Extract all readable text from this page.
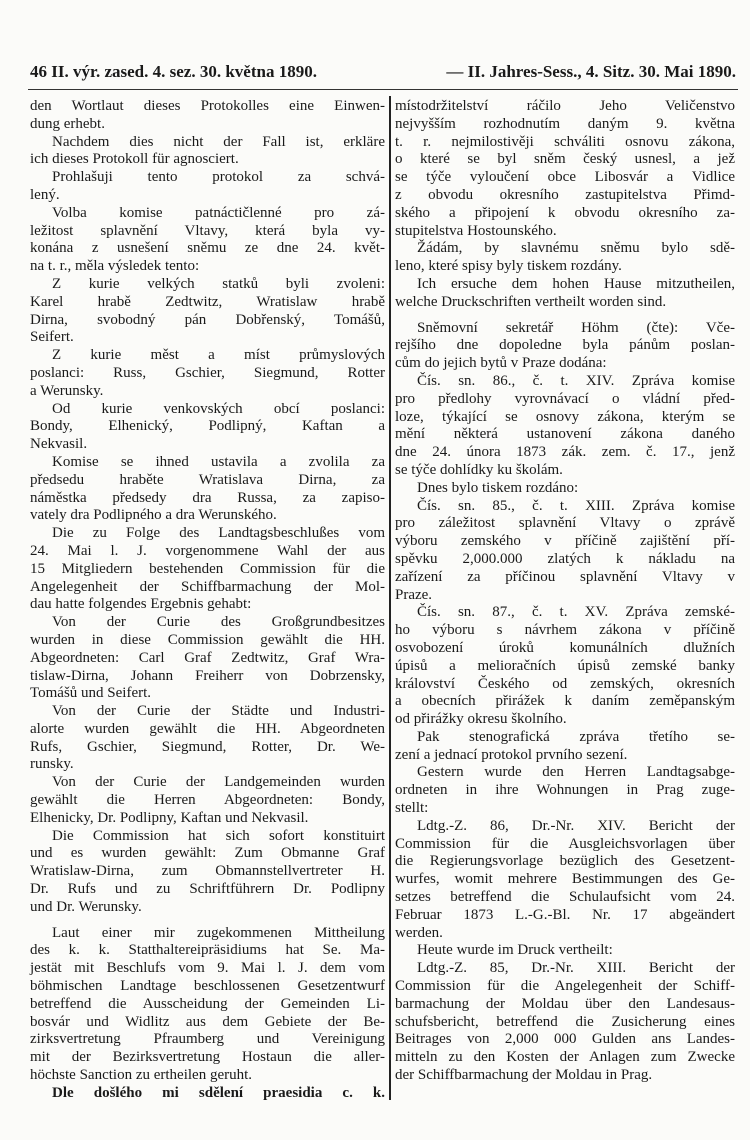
46 II. výr. zased. 4. sez. 30. května 1890.	— II. Jahres-Sess., 4. Sitz. 30. Mai 1890.
den Wortlaut dieses Protokolles eine Einwen-
dung erhebt.
Nachdem dies nicht der Fall ist, erkläre
ich dieses Protokoll für agnosciert.
Prohlašuji tento protokol za schvá-
lený.
Volba komise patnáctičlenné pro zá-
ležitost splavnění Vltavy, která byla vy-
konána z usnešení sněmu ze dne 24. květ-
na t. r., měla výsledek tento:
Z kurie velkých statků byli zvoleni:
Karel hrabě Zedtwitz, Wratislaw hrabě
Dirna, svobodný pán Dobřenský, Tomášů,
Seifert.
Z kurie měst a míst průmyslových
poslanci: Russ, Gschier, Siegmund, Rotter
a Werunsky.
Od kurie venkovských obcí poslanci:
Bondy, Elhenický, Podlipný, Kaftan a
Nekvasil.
Komise se ihned ustavila a zvolila za
předsedu hraběte Wratislava Dirna, za
náměstka předsedy dra Russa, za zapiso-
vately dra Podlipného a dra Werunského.
Die zu Folge des Landtagsbeschlußes vom
24. Mai l. J. vorgenommene Wahl der aus
15 Mitgliedern bestehenden Commission für die
Angelegenheit der Schiffbarmachung der Mol-
dau hatte folgendes Ergebnis gehabt:
Von der Curie des Großgrundbesitzes
wurden in diese Commission gewählt die HH.
Abgeordneten: Carl Graf Zedtwitz, Graf Wra-
tislaw-Dirna, Johann Freiherr von Dobrzensky,
Tomášů und Seifert.
Von der Curie der Städte und Industri-
alorte wurden gewählt die HH. Abgeordneten
Rufs, Gschier, Siegmund, Rotter, Dr. We-
runsky.
Von der Curie der Landgemeinden wurden
gewählt die Herren Abgeordneten: Bondy,
Elhenicky, Dr. Podlipny, Kaftan und Nekvasil.
Die Commission hat sich sofort konstituirt
und es wurden gewählt: Zum Obmanne Graf
Wratislaw-Dirna, zum Obmannstellvertreter H.
Dr. Rufs und zu Schriftführern Dr. Podlipny
und Dr. Werunsky.
Laut einer mir zugekommenen Mittheilung
des k. k. Statthaltereipräsidiums hat Se. Ma-
jestät mit Beschlufs vom 9. Mai l. J. dem vom
böhmischen Landtage beschlossenen Gesetzentwurf
betreffend die Ausscheidung der Gemeinden Li-
bosvár und Widlitz aus dem Gebiete der Be-
zirksvertretung Pfraumberg und Vereinigung
mit der Bezirksvertretung Hostaun die aller-
höchste Sanction zu ertheilen geruht.
Dle došlého mi sdělení praesidia c. k.
místodržitelství ráčilo Jeho Veličenstvo
nejvyšším rozhodnutím daným 9. května
t. r. nejmilostivěji schváliti osnovu zákona,
o které se byl sněm český usnesl, a jež
se týče vyloučení obce Libosvár a Vidlice
z obvodu okresního zastupitelstva Přimd-
ského a připojení k obvodu okresního za-
stupitelstva Hostounského.
Žádám, by slavnému sněmu bylo sdě-
leno, které spisy byly tiskem rozdány.
Ich ersuche dem hohen Hause mitzutheilen,
welche Druckschriften vertheilt worden sind.
Sněmovní sekretář Höhm (čte): Vče-
rejšího dne dopoledne byla pánům poslan-
cům do jejich bytů v Praze dodána:
Čís. sn. 86., č. t. XIV. Zpráva komise
pro předlohy vyrovnávací o vládní před-
loze, týkající se osnovy zákona, kterým se
mění některá ustanovení zákona daného
dne 24. února 1873 zák. zem. č. 17., jenž
se týče dohlídky ku školám.
Dnes bylo tiskem rozdáno:
Čís. sn. 85., č. t. XIII. Zpráva komise
pro záležitost splavnění Vltavy o zprávě
výboru zemského v příčině zajištění pří-
spěvku 2,000.000 zlatých k nákladu na
zařízení za příčinou splavnění Vltavy v
Praze.
Čís. sn. 87., č. t. XV. Zpráva zemské-
ho výboru s návrhem zákona v příčině
osvobození úroků komunálních dlužních
úpisů a melioračních úpisů zemské banky
království Českého od zemských, okresních
a obecních přirážek k daním zeměpanským
od přirážky okresu školního.
Pak stenografická zpráva třetího se-
zení a jednací protokol prvního sezení.
Gestern wurde den Herren Landtagsabge-
ordneten in ihre Wohnungen in Prag zuge-
stellt:
Ldtg.-Z. 86, Dr.-Nr. XIV. Bericht der
Commission für die Ausgleichsvorlagen über
die Regierungsvorlage bezüglich des Gesetzent-
wurfes, womit mehrere Bestimmungen des Ge-
setzes betreffend die Schulaufsicht vom 24.
Februar 1873 L.-G.-Bl. Nr. 17 abgeändert
werden.
Heute wurde im Druck vertheilt:
Ldtg.-Z. 85, Dr.-Nr. XIII. Bericht der
Commission für die Angelegenheit der Schiff-
barmachung der Moldau über den Landesaus-
schufsbericht, betreffend die Zusicherung eines
Beitrages von 2,000 000 Gulden ans Landes-
mitteln zu den Kosten der Anlagen zum Zwecke
der Schiffbarmachung der Moldau in Prag.
